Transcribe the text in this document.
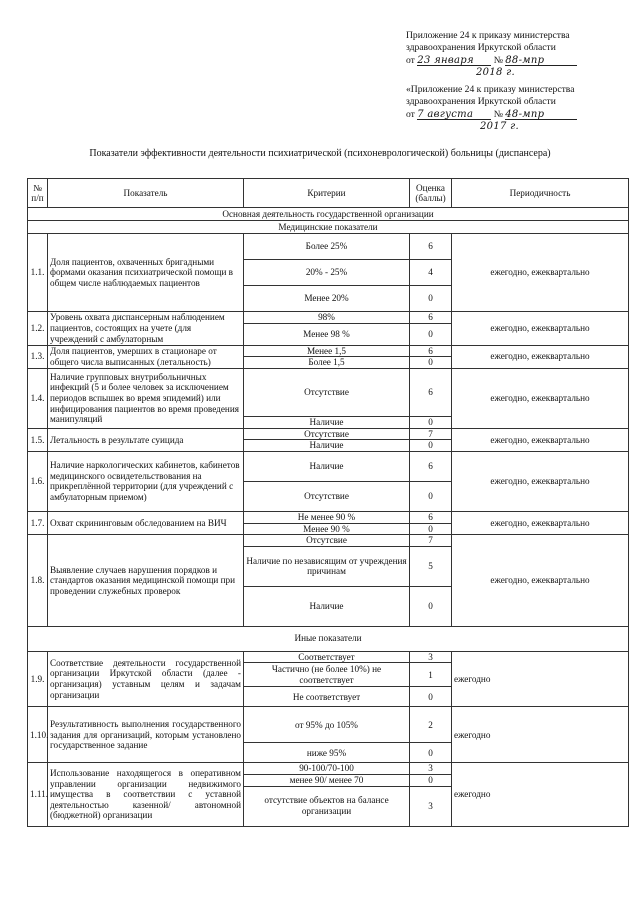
Приложение 24 к приказу министерства
здравоохранения Иркутской области
от 23 января № 88-мпр
2018 г.
«Приложение 24 к приказу министерства
здравоохранения Иркутской области
от 7 августа № 48-мпр
2017 г.
Показатели эффективности деятельности психиатрической (психоневрологической) больницы (диспансера)
№ п/п	Показатель	Критерии	Оценка (баллы)	Периодичность
Основная деятельность государственной организации				
Медицинские показатели				
1.1.	Доля пациентов, охваченных бригадными формами оказания психиатрической помощи в общем числе наблюдаемых пациентов	Более 25%	6	ежегодно, ежеквартально
		20% - 25%	4	
		Менее 20%	0	
1.2.	Уровень охвата диспансерным наблюдением пациентов, состоящих на учете (для учреждений с амбулаторным	98%	6	ежегодно, ежеквартально
		Менее 98 %	0	
1.3.	Доля пациентов, умерших в стационаре от общего числа выписанных (летальность)	Менее 1,5	6	ежегодно, ежеквартально
		Более 1,5	0	
1.4.	Наличие групповых внутрибольничных инфекций (5 и более человек за исключением периодов вспышек во время эпидемий) или инфицирования пациентов во время проведения манипуляций	Отсутствие	6	ежегодно, ежеквартально
		Наличие	0	
1.5.	Летальность в результате суицида	Отсутствие	7	ежегодно, ежеквартально
		Наличие	0	
1.6.	Наличие наркологических кабинетов, кабинетов медицинского освидетельствования на прикреплённой территории (для учреждений с амбулаторным приемом)	Наличие	6	ежегодно, ежеквартально
		Отсутствие	0	
1.7.	Охват скрининговым обследованием на ВИЧ	Не менее 90 %	6	ежегодно, ежеквартально
		Менее 90 %	0	
1.8.	Выявление случаев нарушения порядков и стандартов оказания медицинской помощи при проведении служебных проверок	Отсутсвие	7	ежегодно, ежеквартально
		Наличие по независящим от учреждения причинам	5	
		Наличие	0	
Иные показатели				
1.9.	Соответствие деятельности государственной организации Иркутской области (далее - организация) уставным целям и задачам организации	Соответствует	3	ежегодно
		Частично (не более 10%) не соответствует	1	
		Не соответствует	0	
1.10.	Результативность выполнения государственного задания для организаций, которым установлено государственное задание	от 95% до 105%	2	ежегодно
		ниже 95%	0	
1.11.	Использование находящегося в оперативном управлении организации недвижимого имущества в соответствии с уставной деятельностью казенной/ автономной (бюджетной) организации	90-100/70-100	3	ежегодно
		менее 90/ менее 70	0	
		отсутствие объектов на балансе организации	3	
